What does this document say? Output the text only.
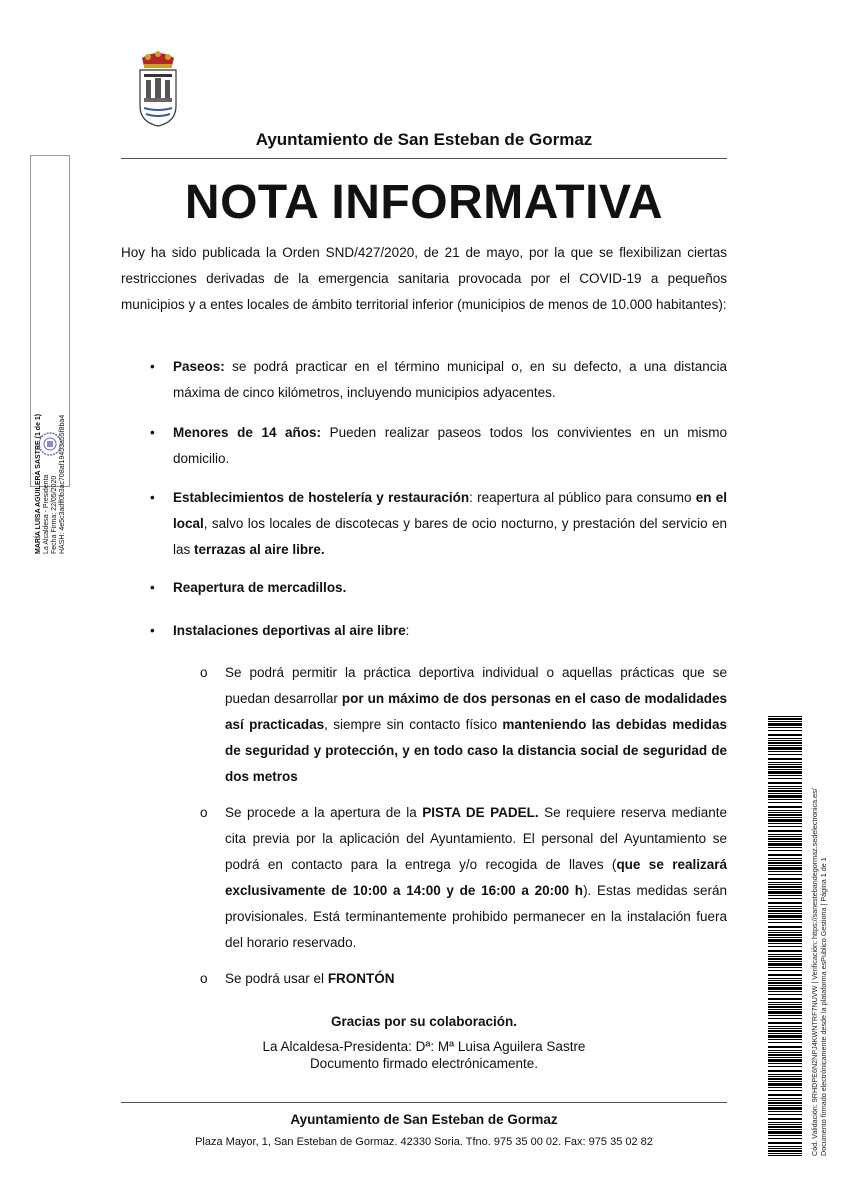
Ayuntamiento de San Esteban de Gormaz
NOTA INFORMATIVA
Hoy ha sido publicada la Orden SND/427/2020, de 21 de mayo, por la que se flexibilizan ciertas restricciones derivadas de la emergencia sanitaria provocada por el COVID-19 a pequeños municipios y a entes locales de ámbito territorial inferior (municipios de menos de 10.000 habitantes):
• Paseos: se podrá practicar en el término municipal o, en su defecto, a una distancia máxima de cinco kilómetros, incluyendo municipios adyacentes.
• Menores de 14 años: Pueden realizar paseos todos los convivientes en un mismo domicilio.
• Establecimientos de hostelería y restauración: reapertura al público para consumo en el local, salvo los locales de discotecas y bares de ocio nocturno, y prestación del servicio en las terrazas al aire libre.
• Reapertura de mercadillos.
• Instalaciones deportivas al aire libre:
o Se podrá permitir la práctica deportiva individual o aquellas prácticas que se puedan desarrollar por un máximo de dos personas en el caso de modalidades así practicadas, siempre sin contacto físico manteniendo las debidas medidas de seguridad y protección, y en todo caso la distancia social de seguridad de dos metros
o Se procede a la apertura de la PISTA DE PADEL. Se requiere reserva mediante cita previa por la aplicación del Ayuntamiento. El personal del Ayuntamiento se podrá en contacto para la entrega y/o recogida de llaves (que se realizará exclusivamente de 10:00 a 14:00 y de 16:00 a 20:00 h). Estas medidas serán provisionales. Está terminantemente prohibido permanecer en la instalación fuera del horario reservado.
o Se podrá usar el FRONTÓN
Gracias por su colaboración.
La Alcaldesa-Presidenta: Dª: Mª Luisa Aguilera Sastre
Documento firmado electrónicamente.
Ayuntamiento de San Esteban de Gormaz
Plaza Mayor, 1, San Esteban de Gormaz. 42330 Soria. Tfno. 975 35 00 02. Fax: 975 35 02 82
MARÍA LUISA AGUILERA SASTRE (1 de 1) La Alcaldesa - Presidenta Fecha Firma: 22/05/2020 HASH: 4e5c3adff0b3ac708af19453a55f8ba4
Cód. Validación: 9RHDPE6N2NPJ4KWNTRF7NUVW | Verificación: https://sanestebandegormaz.sedelectronica.es/ Documento firmado electrónicamente desde la plataforma esPublico Gestiona | Página 1 de 1
